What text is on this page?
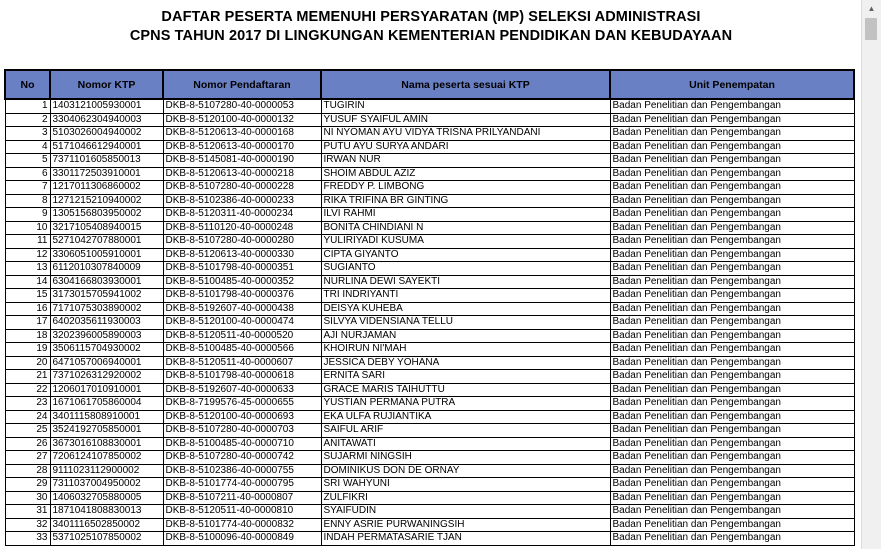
DAFTAR PESERTA MEMENUHI PERSYARATAN (MP) SELEKSI ADMINISTRASI
CPNS TAHUN 2017 DI LINGKUNGAN KEMENTERIAN PENDIDIKAN DAN KEBUDAYAAN
No	Nomor KTP	Nomor Pendaftaran	Nama peserta sesuai KTP	Unit Penempatan
1	1403121005930001	DKB-8-5107280-40-0000053	TUGIRIN	Badan Penelitian dan Pengembangan
2	3304062304940003	DKB-8-5120100-40-0000132	YUSUF SYAIFUL AMIN	Badan Penelitian dan Pengembangan
3	5103026004940002	DKB-8-5120613-40-0000168	NI NYOMAN AYU VIDYA TRISNA PRILYANDANI	Badan Penelitian dan Pengembangan
4	5171046612940001	DKB-8-5120613-40-0000170	PUTU AYU SURYA ANDARI	Badan Penelitian dan Pengembangan
5	7371101605850013	DKB-8-5145081-40-0000190	IRWAN NUR	Badan Penelitian dan Pengembangan
6	3301172503910001	DKB-8-5120613-40-0000218	SHOIM ABDUL AZIZ	Badan Penelitian dan Pengembangan
7	1217011306860002	DKB-8-5107280-40-0000228	FREDDY P. LIMBONG	Badan Penelitian dan Pengembangan
8	1271215210940002	DKB-8-5102386-40-0000233	RIKA TRIFINA BR GINTING	Badan Penelitian dan Pengembangan
9	1305156803950002	DKB-8-5120311-40-0000234	ILVI RAHMI	Badan Penelitian dan Pengembangan
10	3217105408940015	DKB-8-5110120-40-0000248	BONITA CHINDIANI N	Badan Penelitian dan Pengembangan
11	5271042707880001	DKB-8-5107280-40-0000280	YULIRIYADI KUSUMA	Badan Penelitian dan Pengembangan
12	3306051005910001	DKB-8-5120613-40-0000330	CIPTA GIYANTO	Badan Penelitian dan Pengembangan
13	6112010307840009	DKB-8-5101798-40-0000351	SUGIANTO	Badan Penelitian dan Pengembangan
14	6304166803930001	DKB-8-5100485-40-0000352	NURLINA DEWI SAYEKTI	Badan Penelitian dan Pengembangan
15	3173015705941002	DKB-8-5101798-40-0000376	TRI INDRIYANTI	Badan Penelitian dan Pengembangan
16	7171075303890002	DKB-8-5192607-40-0000438	DEISYA KUHEBA	Badan Penelitian dan Pengembangan
17	6402035611930003	DKB-8-5120100-40-0000474	SILVYA VIDENSIANA TELLU	Badan Penelitian dan Pengembangan
18	3202396005890003	DKB-8-5120511-40-0000520	AJI NURJAMAN	Badan Penelitian dan Pengembangan
19	3506115704930002	DKB-8-5100485-40-0000566	KHOIRUN NI'MAH	Badan Penelitian dan Pengembangan
20	6471057006940001	DKB-8-5120511-40-0000607	JESSICA DEBY YOHANA	Badan Penelitian dan Pengembangan
21	7371026312920002	DKB-8-5101798-40-0000618	ERNITA SARI	Badan Penelitian dan Pengembangan
22	1206017010910001	DKB-8-5192607-40-0000633	GRACE MARIS TAIHUTTU	Badan Penelitian dan Pengembangan
23	1671061705860004	DKB-8-7199576-45-0000655	YUSTIAN PERMANA PUTRA	Badan Penelitian dan Pengembangan
24	3401115808910001	DKB-8-5120100-40-0000693	EKA ULFA RUJIANTIKA	Badan Penelitian dan Pengembangan
25	3524192705850001	DKB-8-5107280-40-0000703	SAIFUL ARIF	Badan Penelitian dan Pengembangan
26	3673016108830001	DKB-8-5100485-40-0000710	ANITAWATI	Badan Penelitian dan Pengembangan
27	7206124107850002	DKB-8-5107280-40-0000742	SUJARMI NINGSIH	Badan Penelitian dan Pengembangan
28	9111023112900002	DKB-8-5102386-40-0000755	DOMINIKUS DON DE ORNAY	Badan Penelitian dan Pengembangan
29	7311037004950002	DKB-8-5101774-40-0000795	SRI WAHYUNI	Badan Penelitian dan Pengembangan
30	1406032705880005	DKB-8-5107211-40-0000807	ZULFIKRI	Badan Penelitian dan Pengembangan
31	1871041808830013	DKB-8-5120511-40-0000810	SYAIFUDIN	Badan Penelitian dan Pengembangan
32	3401116502850002	DKB-8-5101774-40-0000832	ENNY ASRIE PURWANINGSIH	Badan Penelitian dan Pengembangan
33	5371025107850002	DKB-8-5100096-40-0000849	INDAH PERMATASARIE TJAN	Badan Penelitian dan Pengembangan
▲
